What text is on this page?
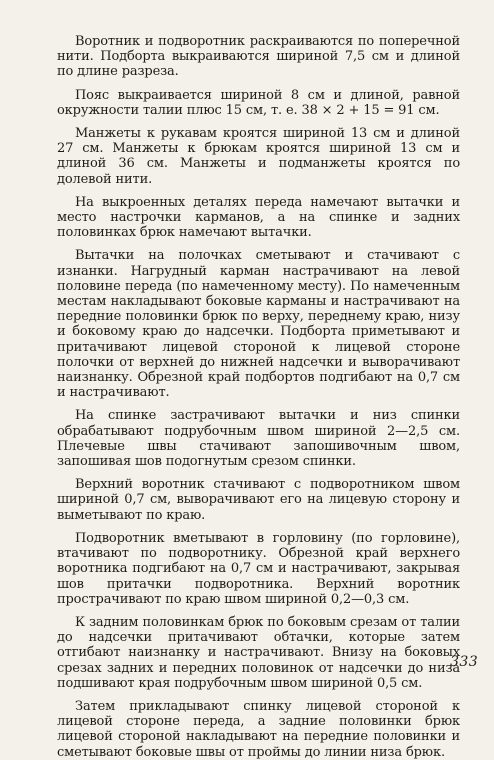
Воротник и подворотник раскраиваются по поперечной нити. Подборта выкраиваются шириной 7,5 см и длиной по длине разреза.

Пояс выкраивается шириной 8 см и длиной, равной окружности талии плюс 15 см, т. е. 38 × 2 + 15 = 91 см.

Манжеты к рукавам кроятся шириной 13 см и длиной 27 см. Манжеты к брюкам кроятся шириной 13 см и длиной 36 см. Манжеты и подманжеты кроятся по долевой нити.

На выкроенных деталях переда намечают вытачки и место настрочки карманов, а на спинке и задних половинках брюк намечают вытачки.

Вытачки на полочках сметывают и стачивают с изнанки. Нагрудный карман настрачивают на левой половине переда (по намеченному месту). По намеченным местам накладывают боковые карманы и настрачивают на передние половинки брюк по верху, переднему краю, низу и боковому краю до надсечки. Подборта приметывают и притачивают лицевой стороной к лицевой стороне полочки от верхней до нижней надсечки и выворачивают наизнанку. Обрезной край подбортов подгибают на 0,7 см и настрачивают.

На спинке застрачивают вытачки и низ спинки обрабатывают подрубочным швом шириной 2—2,5 см. Плечевые швы стачивают запошивочным швом, запошивая шов подогнутым срезом спинки.

Верхний воротник стачивают с подворотником швом шириной 0,7 см, выворачивают его на лицевую сторону и выметывают по краю.

Подворотник вметывают в горловину (по горловине), втачивают по подворотнику. Обрезной край верхнего воротника подгибают на 0,7 см и настрачивают, закрывая шов притачки подворотника. Верхний воротник прострачивают по краю швом шириной 0,2—0,3 см.

К задним половинкам брюк по боковым срезам от талии до надсечки притачивают обтачки, которые затем отгибают наизнанку и настрачивают. Внизу на боковых срезах задних и передних половинок от надсечки до низа подшивают края подрубочным швом шириной 0,5 см.

Затем прикладывают спинку лицевой стороной к лицевой стороне переда, а задние половинки брюк лицевой стороной накладывают на передние половинки и сметывают боковые швы от проймы до линии низа брюк.

333
